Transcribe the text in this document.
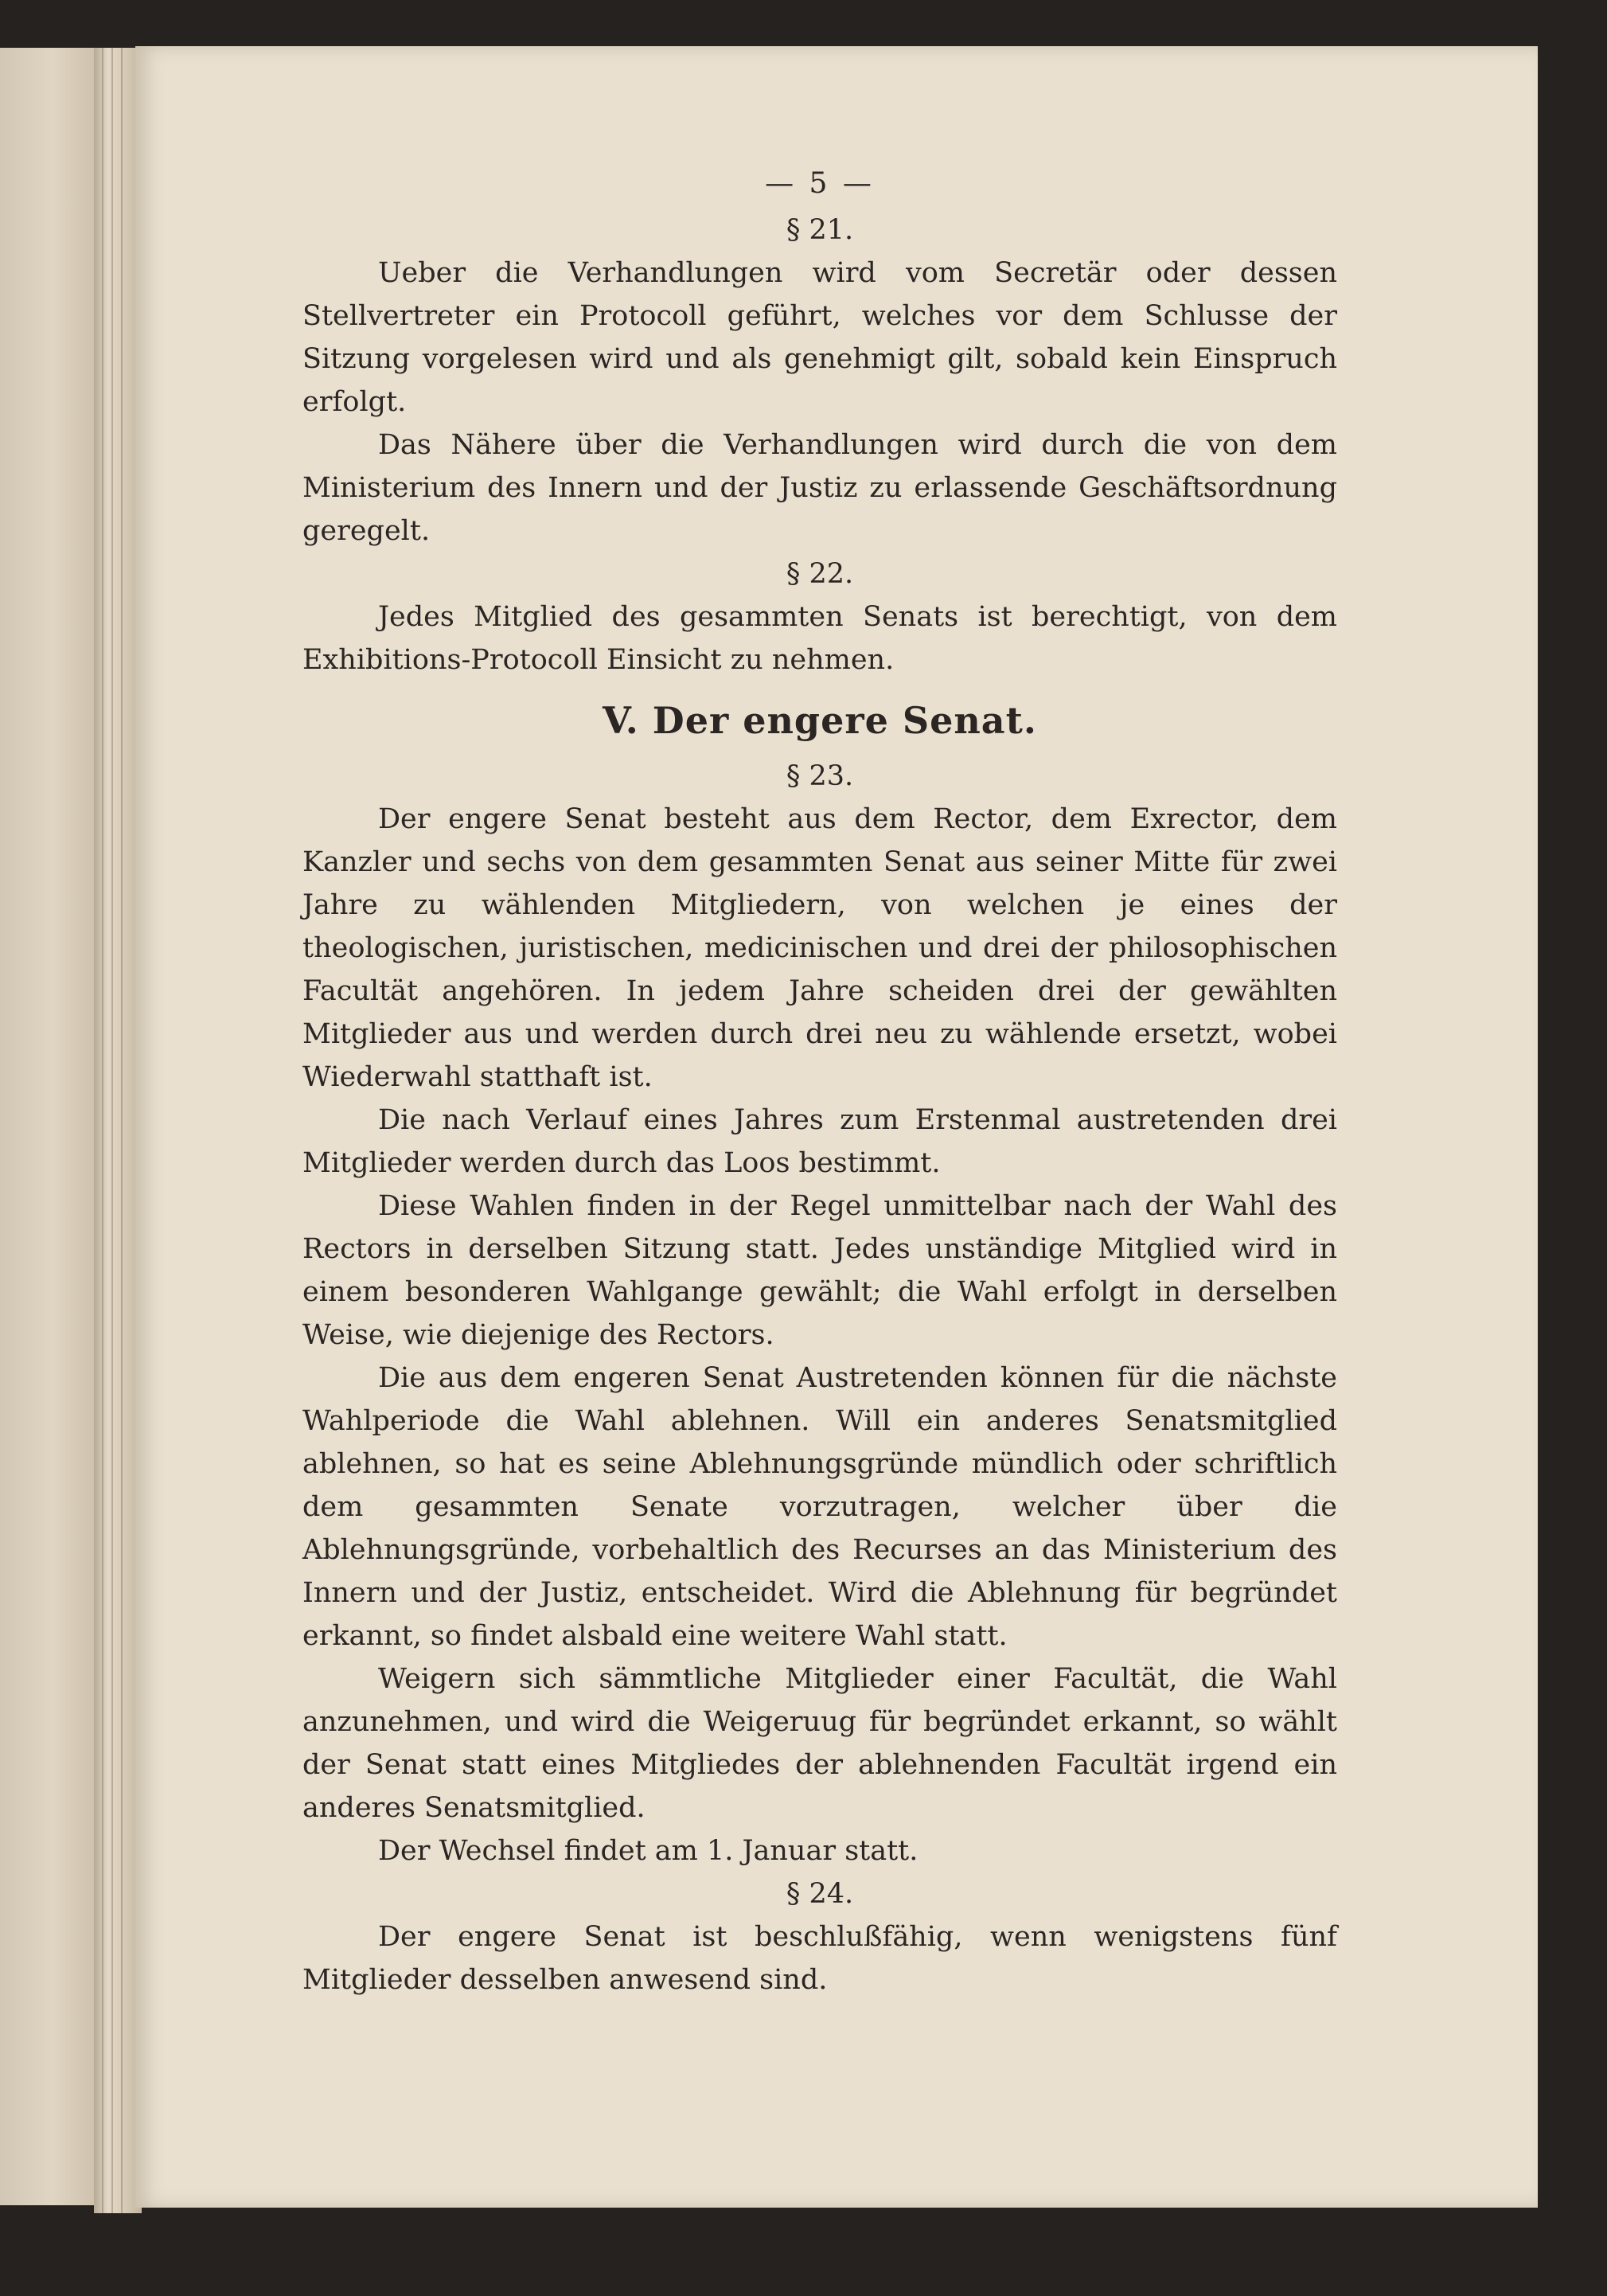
— 5 —
§ 21.

Ueber die Verhandlungen wird vom Secretär oder dessen Stellvertreter ein Protocoll geführt, welches vor dem Schlusse der Sitzung vorgelesen wird und als genehmigt gilt, sobald kein Einspruch erfolgt.

Das Nähere über die Verhandlungen wird durch die von dem Ministerium des Innern und der Justiz zu erlassende Geschäftsordnung geregelt.

§ 22.

Jedes Mitglied des gesammten Senats ist berechtigt, von dem Exhibitions-Protocoll Einsicht zu nehmen.

V. Der engere Senat.
§ 23.

Der engere Senat besteht aus dem Rector, dem Exrector, dem Kanzler und sechs von dem gesammten Senat aus seiner Mitte für zwei Jahre zu wählenden Mitgliedern, von welchen je eines der theologischen, juristischen, medicinischen und drei der philosophischen Facultät angehören. In jedem Jahre scheiden drei der gewählten Mitglieder aus und werden durch drei neu zu wählende ersetzt, wobei Wiederwahl statthaft ist.

Die nach Verlauf eines Jahres zum Erstenmal austretenden drei Mitglieder werden durch das Loos bestimmt.

Diese Wahlen finden in der Regel unmittelbar nach der Wahl des Rectors in derselben Sitzung statt. Jedes unständige Mitglied wird in einem besonderen Wahlgange gewählt; die Wahl erfolgt in derselben Weise, wie diejenige des Rectors.

Die aus dem engeren Senat Austretenden können für die nächste Wahlperiode die Wahl ablehnen. Will ein anderes Senatsmitglied ablehnen, so hat es seine Ablehnungsgründe mündlich oder schriftlich dem gesammten Senate vorzutragen, welcher über die Ablehnungsgründe, vorbehaltlich des Recurses an das Ministerium des Innern und der Justiz, entscheidet. Wird die Ablehnung für begründet erkannt, so findet alsbald eine weitere Wahl statt.

Weigern sich sämmtliche Mitglieder einer Facultät, die Wahl anzunehmen, und wird die Weigeruug für begründet erkannt, so wählt der Senat statt eines Mitgliedes der ablehnenden Facultät irgend ein anderes Senatsmitglied.

Der Wechsel findet am 1. Januar statt.

§ 24.

Der engere Senat ist beschlußfähig, wenn wenigstens fünf Mitglieder desselben anwesend sind.
